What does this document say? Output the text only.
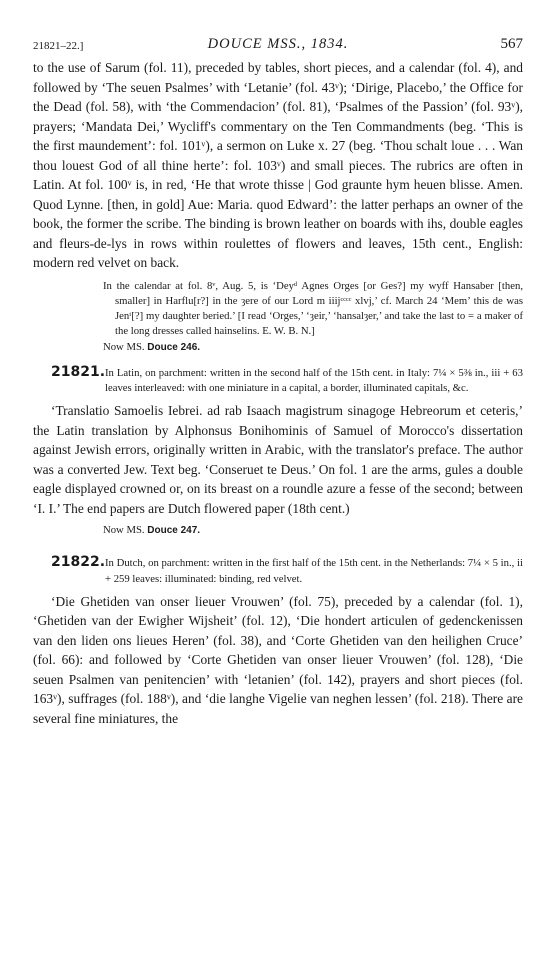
21821–22.]	DOUCE MSS., 1834.	567

to the use of Sarum (fol. 11), preceded by tables, short pieces, and a calendar (fol. 4), and followed by ‘The seuen Psalmes’ with ‘Letanie’ (fol. 43ᵛ); ‘Dirige, Placebo,’ the Office for the Dead (fol. 58), with ‘the Commendacion’ (fol. 81), ‘Psalmes of the Passion’ (fol. 93ᵛ), prayers; ‘Mandata Dei,’ Wycliff's commentary on the Ten Commandments (beg. ‘This is the first maundement’: fol. 101ᵛ), a sermon on Luke x. 27 (beg. ‘Thou schalt loue . . . Wan thou louest God of all thine herte’: fol. 103ᵛ) and small pieces. The rubrics are often in Latin. At fol. 100ᵛ is, in red, ‘He that wrote thisse | God graunte hym heuen blisse. Amen. Quod Lynne. [then, in gold] Aue: Maria. quod Edward’: the latter perhaps an owner of the book, the former the scribe. The binding is brown leather on boards with ihs, double eagles and fleurs-de-lys in rows within roulettes of flowers and leaves, 15th cent., English: modern red velvet on back.

In the calendar at fol. 8ᵛ, Aug. 5, is ‘Deyᵈ Agnes Orges [or Ges?] my wyff Hansaber [then, smaller] in Harflu[r?] in the ȝere of our Lord m iiijᶜᶜᶜᶜ xlvj,’ cf. March 24 ‘Mem’ this de was Jenᵗ[?] my daughter beried.’ [I read ‘Orges,’ ‘ȝeir,’ ‘hansalȝer,’ and take the last to = a maker of the long dresses called hainselins. E. W. B. N.]

Now MS. Douce 246.

21821. In Latin, on parchment: written in the second half of the 15th cent. in Italy: 7¼ × 5⅜ in., iii + 63 leaves interleaved: with one miniature in a capital, a border, illuminated capitals, &c.

‘Translatio Samoelis Iebrei. ad rab Isaach magistrum sinagoge Hebreorum et ceteris,’ the Latin translation by Alphonsus Bonihominis of Samuel of Morocco's dissertation against Jewish errors, originally written in Arabic, with the translator's preface. The author was a converted Jew. Text beg. ‘Conseruet te Deus.’ On fol. 1 are the arms, gules a double eagle displayed crowned or, on its breast on a roundle azure a fesse of the second; between ‘I. I.’ The end papers are Dutch flowered paper (18th cent.)

Now MS. Douce 247.

21822. In Dutch, on parchment: written in the first half of the 15th cent. in the Netherlands: 7¼ × 5 in., ii + 259 leaves: illuminated: binding, red velvet.

‘Die Ghetiden van onser lieuer Vrouwen’ (fol. 75), preceded by a calendar (fol. 1), ‘Ghetiden van der Ewigher Wijsheit’ (fol. 12), ‘Die hondert articulen of gedenckenissen van den liden ons lieues Heren’ (fol. 38), and ‘Corte Ghetiden van den heilighen Cruce’ (fol. 66): and followed by ‘Corte Ghetiden van onser lieuer Vrouwen’ (fol. 128), ‘Die seuen Psalmen van penitencien’ with ‘letanien’ (fol. 142), prayers and short pieces (fol. 163ᵛ), suffrages (fol. 188ᵛ), and ‘die langhe Vigelie van neghen lessen’ (fol. 218). There are several fine miniatures, the
